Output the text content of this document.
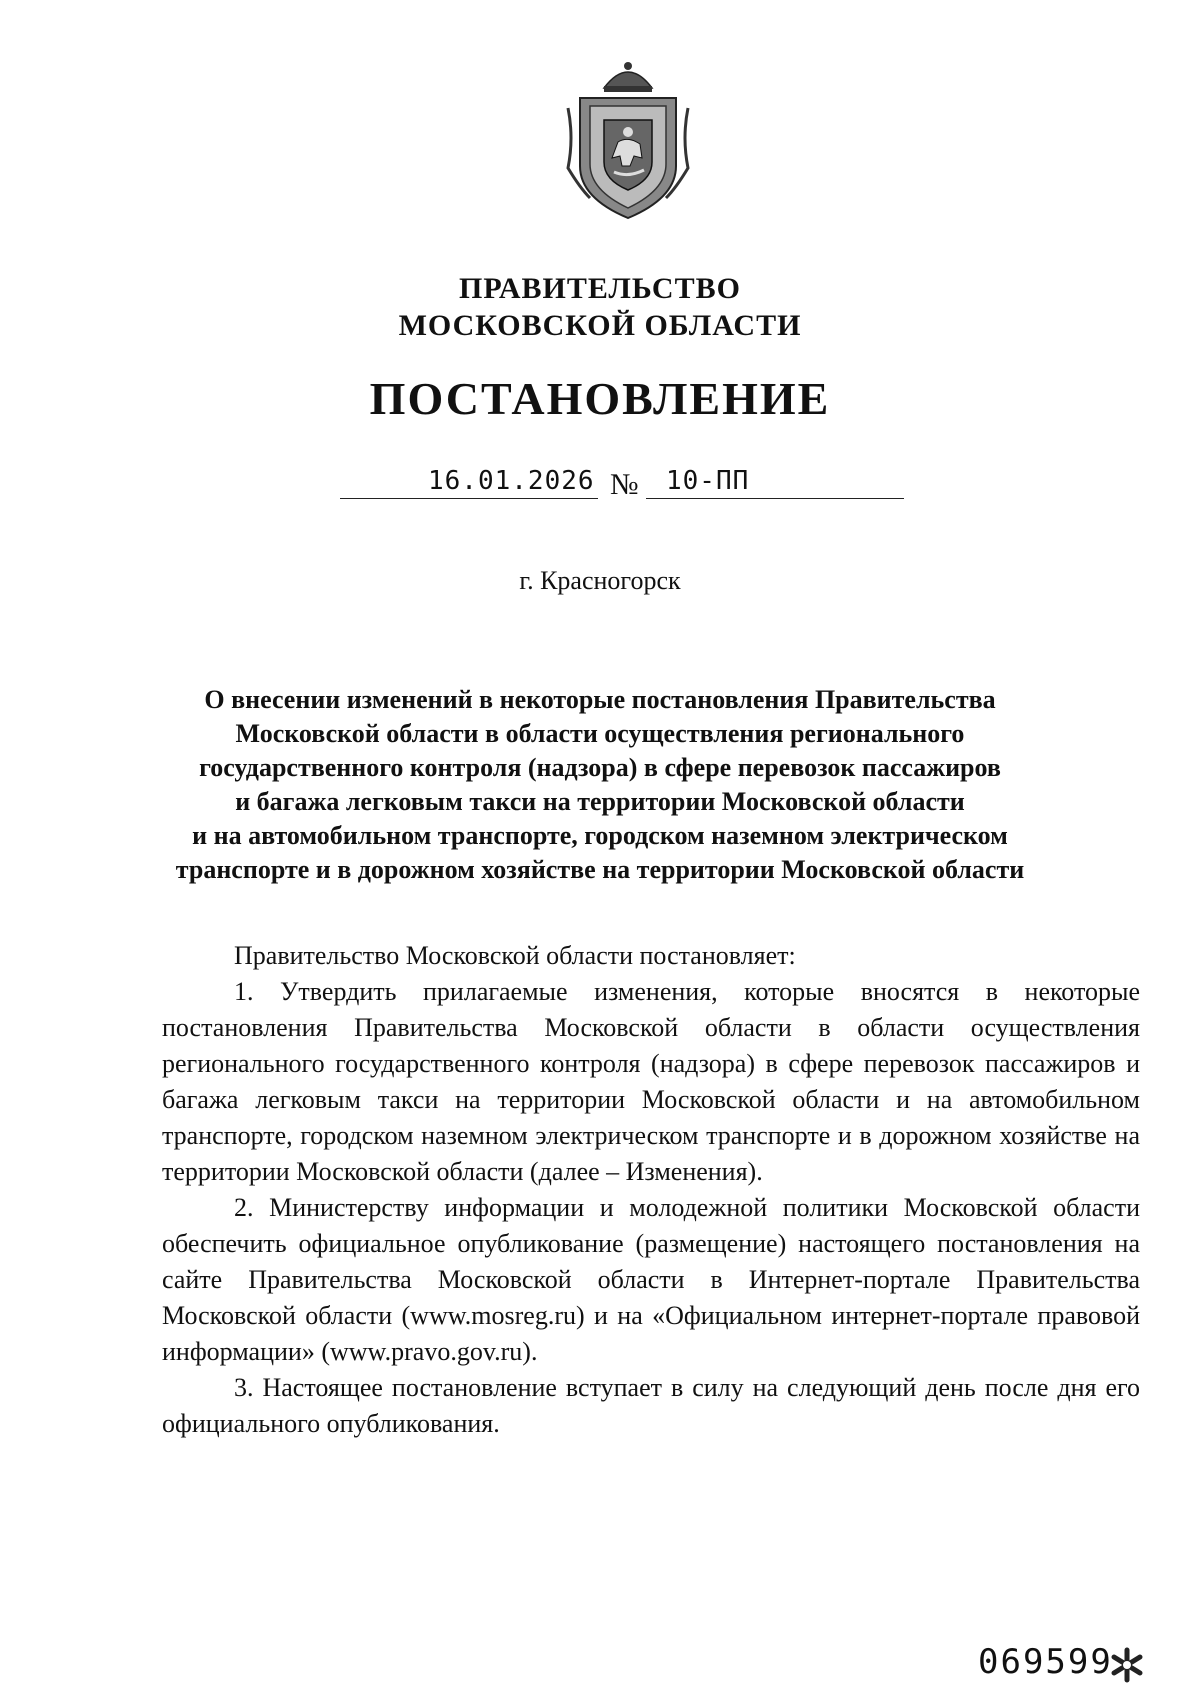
ПРАВИТЕЛЬСТВО
МОСКОВСКОЙ ОБЛАСТИ
ПОСТАНОВЛЕНИЕ
16.01.2026 № 10-ПП
г. Красногорск
О внесении изменений в некоторые постановления Правительства
Московской области в области осуществления регионального
государственного контроля (надзора) в сфере перевозок пассажиров
и багажа легковым такси на территории Московской области
и на автомобильном транспорте, городском наземном электрическом
транспорте и в дорожном хозяйстве на территории Московской области

Правительство Московской области постановляет:

1. Утвердить прилагаемые изменения, которые вносятся в некоторые постановления Правительства Московской области в области осуществления регионального государственного контроля (надзора) в сфере перевозок пассажиров и багажа легковым такси на территории Московской области и на автомобильном транспорте, городском наземном электрическом транспорте и в дорожном хозяйстве на территории Московской области (далее – Изменения).

2. Министерству информации и молодежной политики Московской области обеспечить официальное опубликование (размещение) настоящего постановления на сайте Правительства Московской области в Интернет-портале Правительства Московской области (www.mosreg.ru) и на «Официальном интернет-портале правовой информации» (www.pravo.gov.ru).

3. Настоящее постановление вступает в силу на следующий день после дня его официального опубликования.

069599
